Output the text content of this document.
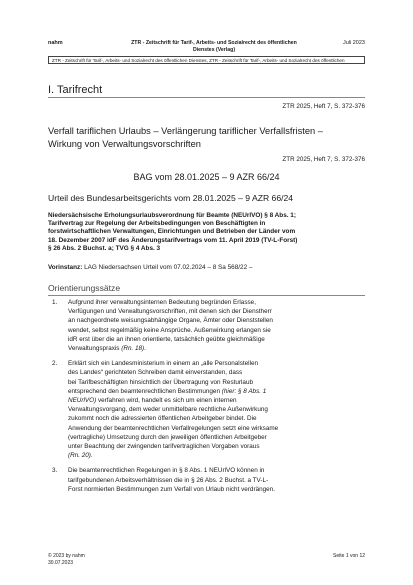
nahm	ZTR - Zeitschrift für Tarif-, Arbeits- und Sozialrecht des öffentlichen
Dienstes (Verlag)
Juli 2023
ZTR - Zeitschrift für Tarif-, Arbeits- und Sozialrecht des öffentlichen Dienstes, ZTR - Zeitschrift für Tarif-, Arbeits- und Sozialrecht des öffentlichen
I. Tarifrecht
ZTR 2025, Heft 7, S. 372-376
Verfall tariflichen Urlaubs – Verlängerung tariflicher Verfallsfristen –
Wirkung von Verwaltungsvorschriften
ZTR 2025, Heft 7, S. 372-376
BAG vom 28.01.2025 – 9 AZR 66/24
Urteil des Bundesarbeitsgerichts vom 28.01.2025 – 9 AZR 66/24
Niedersächsische Erholungsurlaubsverordnung für Beamte (NEUrlVO) § 8 Abs. 1;
Tarifvertrag zur Regelung der Arbeitsbedingungen von Beschäftigten in
forstwirtschaftlichen Verwaltungen, Einrichtungen und Betrieben der Länder vom
18. Dezember 2007 idF des Änderungstarifvertrags vom 11. April 2019 (TV-L-Forst)
§ 26 Abs. 2 Buchst. a; TVG § 4 Abs. 3
Vorinstanz: LAG Niedersachsen Urteil vom 07.02.2024 – 8 Sa 568/22 –
Orientierungssätze
1. Aufgrund ihrer verwaltungsinternen Bedeutung begründen Erlasse,
Verfügungen und Verwaltungsvorschriften, mit denen sich der Dienstherr
an nachgeordnete weisungsabhängige Organe, Ämter oder Dienststellen
wendet, selbst regelmäßig keine Ansprüche. Außenwirkung erlangen sie
idR erst über die an ihnen orientierte, tatsächlich geübte gleichmäßige
Verwaltungspraxis (Rn. 18).
2. Erklärt sich ein Landesministerium in einem an „alle Personalstellen
des Landes“ gerichteten Schreiben damit einverstanden, dass
bei Tarifbeschäftigten hinsichtlich der Übertragung von Resturlaub
entsprechend den beamtenrechtlichen Bestimmungen (hier: § 8 Abs. 1
NEUrlVO) verfahren wird, handelt es sich um einen internen
Verwaltungsvorgang, dem weder unmittelbare rechtliche Außenwirkung
zukommt noch die adressierten öffentlichen Arbeitgeber bindet. Die
Anwendung der beamtenrechtlichen Verfallregelungen setzt eine wirksame
(vertragliche) Umsetzung durch den jeweiligen öffentlichen Arbeitgeber
unter Beachtung der zwingenden tarifvertraglichen Vorgaben voraus
(Rn. 20).
3. Die beamtenrechtlichen Regelungen in § 8 Abs. 1 NEUrlVO können in
tarifgebundenen Arbeitsverhältnissen die in § 26 Abs. 2 Buchst. a TV-L-
Forst normierten Bestimmungen zum Verfall von Urlaub nicht verdrängen.
© 2023 by nahm
30.07.2023
Seite 1 von 12
